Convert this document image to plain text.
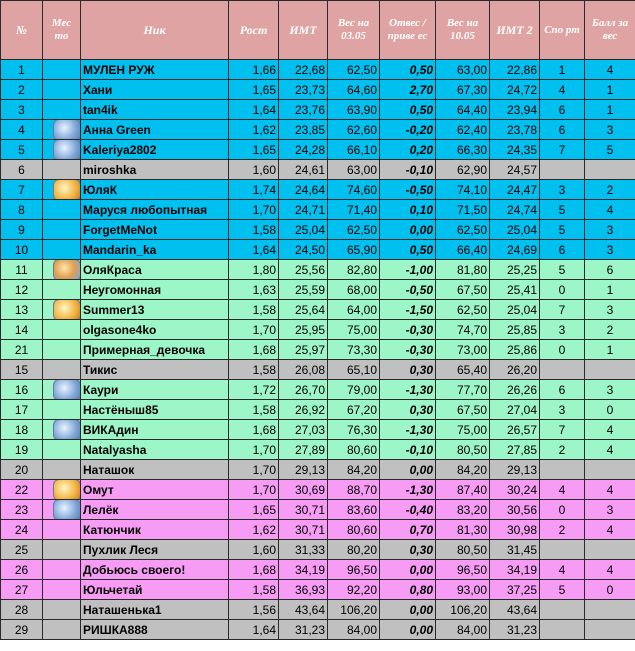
№	Мес то	Ник	Рост	ИМТ	Вес на 03.05	Отвес /приве ес	Вес на 10.05	ИМТ 2	Спо рт	Балл за вес
1		МУЛЕН РУЖ	1,66	22,68	62,50	0,50	63,00	22,86	1	4
2		Хани	1,65	23,73	64,60	2,70	67,30	24,72	4	1
3		tan4ik	1,64	23,76	63,90	0,50	64,40	23,94	6	1
4		Анна Green	1,62	23,85	62,60	-0,20	62,40	23,78	6	3
5		Kaleriya2802	1,65	24,28	66,10	0,20	66,30	24,35	7	5
6		miroshka	1,60	24,61	63,00	-0,10	62,90	24,57		
7		ЮляК	1,74	24,64	74,60	-0,50	74,10	24,47	3	2
8		Маруся любопытная	1,70	24,71	71,40	0,10	71,50	24,74	5	4
9		ForgetMeNot	1,58	25,04	62,50	0,00	62,50	25,04	5	3
10		Mandarin_ka	1,64	24,50	65,90	0,50	66,40	24,69	6	3
11		ОляКраса	1,80	25,56	82,80	-1,00	81,80	25,25	5	6
12		Неугомонная	1,63	25,59	68,00	-0,50	67,50	25,41	0	1
13		Summer13	1,58	25,64	64,00	-1,50	62,50	25,04	7	3
14		olgasone4ko	1,70	25,95	75,00	-0,30	74,70	25,85	3	2
21		Примерная_девочка	1,68	25,97	73,30	-0,30	73,00	25,86	0	1
15		Тикис	1,58	26,08	65,10	0,30	65,40	26,20		
16		Каури	1,72	26,70	79,00	-1,30	77,70	26,26	6	3
17		Настёныш85	1,58	26,92	67,20	0,30	67,50	27,04	3	0
18		ВИКАдин	1,68	27,03	76,30	-1,30	75,00	26,57	7	4
19		Natalyasha	1,70	27,89	80,60	-0,10	80,50	27,85	2	4
20		Наташок	1,70	29,13	84,20	0,00	84,20	29,13		
22		Омут	1,70	30,69	88,70	-1,30	87,40	30,24	4	4
23		Лелёк	1,65	30,71	83,60	-0,40	83,20	30,56	0	3
24		Катюнчик	1,62	30,71	80,60	0,70	81,30	30,98	2	4
25		Пухлик Леся	1,60	31,33	80,20	0,30	80,50	31,45		
26		Добьюсь своего!	1,68	34,19	96,50	0,00	96,50	34,19	4	4
27		Юльчетай	1,58	36,93	92,20	0,80	93,00	37,25	5	0
28		Наташенька1	1,56	43,64	106,20	0,00	106,20	43,64		
29		РИШКА888	1,64	31,23	84,00	0,00	84,00	31,23		
